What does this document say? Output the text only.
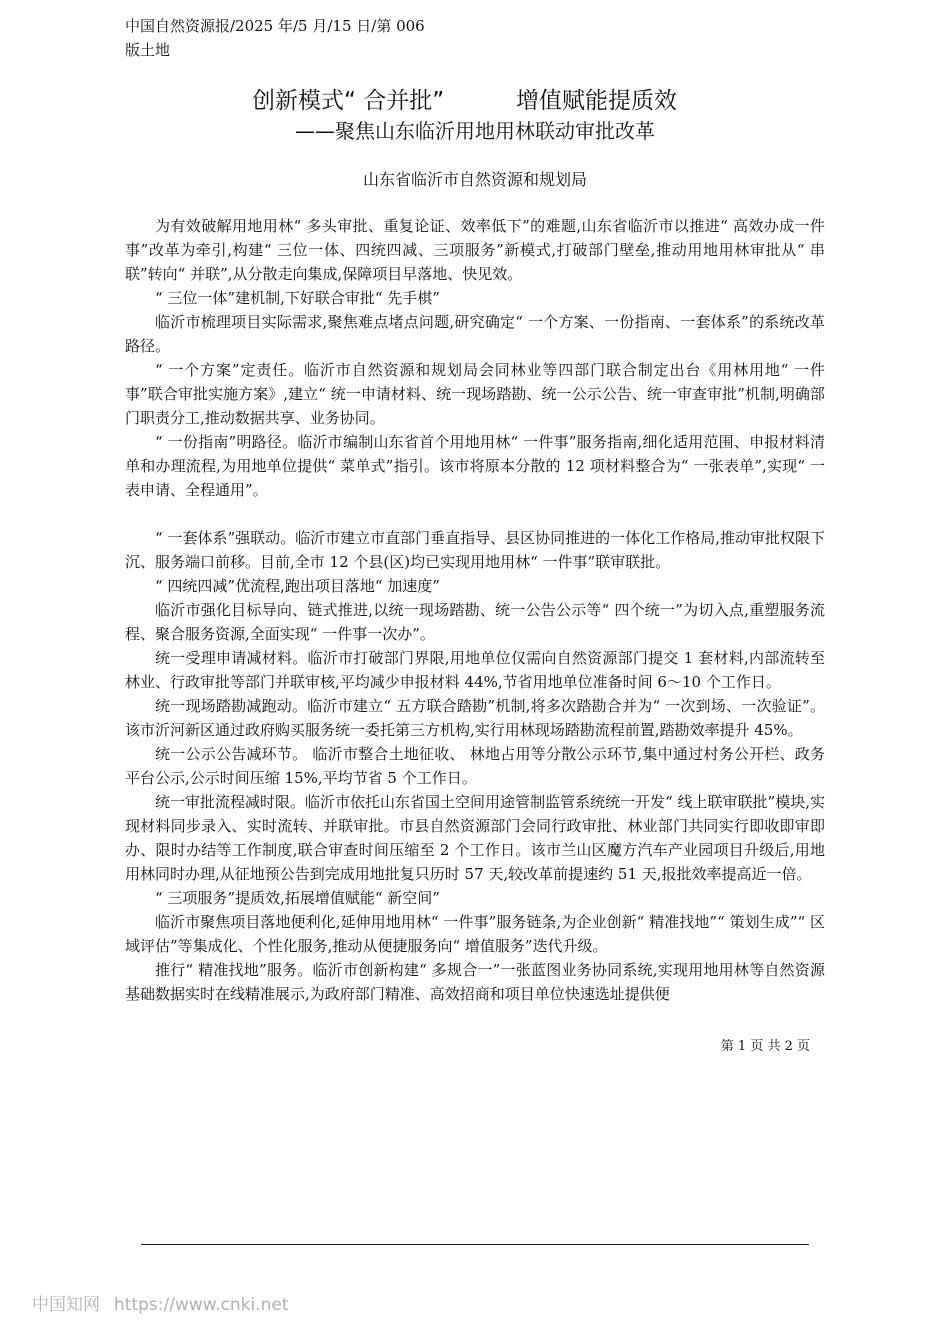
中国自然资源报/2025 年/5 月/15 日/第 006
版土地
创新模式“ 合并批”	增值赋能提质效
——聚焦山东临沂用地用林联动审批改革
山东省临沂市自然资源和规划局

为有效破解用地用林“ 多头审批、重复论证、效率低下”的难题,山东省临沂市以推进“ 高效办成一件事”改革为牵引,构建“ 三位一体、四统四减、三项服务”新模式,打破部门壁垒,推动用地用林审批从“ 串联”转向“ 并联”,从分散走向集成,保障项目早落地、快见效。

“ 三位一体”建机制,下好联合审批“ 先手棋”

临沂市梳理项目实际需求,聚焦难点堵点问题,研究确定“ 一个方案、一份指南、一套体系”的系统改革路径。

“ 一个方案”定责任。临沂市自然资源和规划局会同林业等四部门联合制定出台《用林用地“ 一件事”联合审批实施方案》,建立“ 统一申请材料、统一现场踏勘、统一公示公告、统一审查审批”机制,明确部门职责分工,推动数据共享、业务协同。

“ 一份指南”明路径。临沂市编制山东省首个用地用林“ 一件事”服务指南,细化适用范围、申报材料清单和办理流程,为用地单位提供“ 菜单式”指引。该市将原本分散的 12 项材料整合为“ 一张表单”,实现“ 一表申请、全程通用”。

“ 一套体系”强联动。临沂市建立市直部门垂直指导、县区协同推进的一体化工作格局,推动审批权限下沉、服务端口前移。目前,全市 12 个县(区)均已实现用地用林“ 一件事”联审联批。

“ 四统四减”优流程,跑出项目落地“ 加速度”

临沂市强化目标导向、链式推进,以统一现场踏勘、统一公告公示等“ 四个统一”为切入点,重塑服务流程、聚合服务资源,全面实现“ 一件事一次办”。

统一受理申请减材料。临沂市打破部门界限,用地单位仅需向自然资源部门提交 1 套材料,内部流转至林业、行政审批等部门并联审核,平均减少申报材料 44%,节省用地单位准备时间 6～10 个工作日。

统一现场踏勘减跑动。临沂市建立“ 五方联合踏勘”机制,将多次踏勘合并为“ 一次到场、一次验证”。该市沂河新区通过政府购买服务统一委托第三方机构,实行用林现场踏勘流程前置,踏勘效率提升 45%。

统一公示公告减环节。 临沂市整合土地征收、 林地占用等分散公示环节,集中通过村务公开栏、政务平台公示,公示时间压缩 15%,平均节省 5 个工作日。

统一审批流程减时限。临沂市依托山东省国土空间用途管制监管系统统一开发“ 线上联审联批”模块,实现材料同步录入、实时流转、并联审批。市县自然资源部门会同行政审批、林业部门共同实行即收即审即办、限时办结等工作制度,联合审查时间压缩至 2 个工作日。该市兰山区魔方汽车产业园项目升级后,用地用林同时办理,从征地预公告到完成用地批复只历时 57 天,较改革前提速约 51 天,报批效率提高近一倍。

“ 三项服务”提质效,拓展增值赋能“ 新空间”

临沂市聚焦项目落地便利化,延伸用地用林“ 一件事”服务链条,为企业创新“ 精准找地”“ 策划生成”“ 区域评估”等集成化、个性化服务,推动从便捷服务向“ 增值服务”迭代升级。

推行“ 精准找地”服务。临沂市创新构建“ 多规合一”一张蓝图业务协同系统,实现用地用林等自然资源基础数据实时在线精准展示,为政府部门精准、高效招商和项目单位快速选址提供便

第 1 页 共 2 页
中国知网 https://www.cnki.net
